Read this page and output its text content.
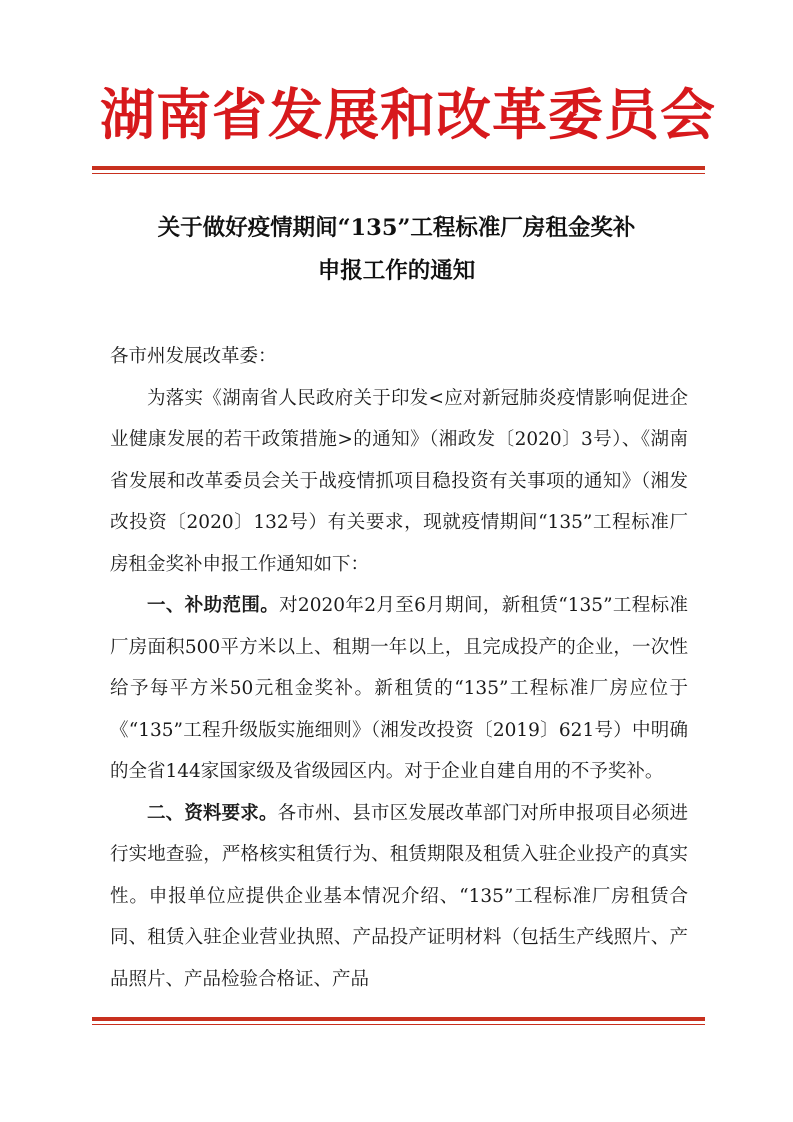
湖南省发展和改革委员会
关于做好疫情期间“135”工程标准厂房租金奖补
申报工作的通知

各市州发展改革委：

为落实《湖南省人民政府关于印发<应对新冠肺炎疫情影响促进企业健康发展的若干政策措施>的通知》（湘政发〔2020〕3号）、《湖南省发展和改革委员会关于战疫情抓项目稳投资有关事项的通知》（湘发改投资〔2020〕132号）有关要求，现就疫情期间“135”工程标准厂房租金奖补申报工作通知如下：

一、补助范围。对2020年2月至6月期间，新租赁“135”工程标准厂房面积500平方米以上、租期一年以上，且完成投产的企业，一次性给予每平方米50元租金奖补。新租赁的“135”工程标准厂房应位于《“135”工程升级版实施细则》（湘发改投资〔2019〕621号）中明确的全省144家国家级及省级园区内。对于企业自建自用的不予奖补。

二、资料要求。各市州、县市区发展改革部门对所申报项目必须进行实地查验，严格核实租赁行为、租赁期限及租赁入驻企业投产的真实性。申报单位应提供企业基本情况介绍、“135”工程标准厂房租赁合同、租赁入驻企业营业执照、产品投产证明材料（包括生产线照片、产品照片、产品检验合格证、产品
